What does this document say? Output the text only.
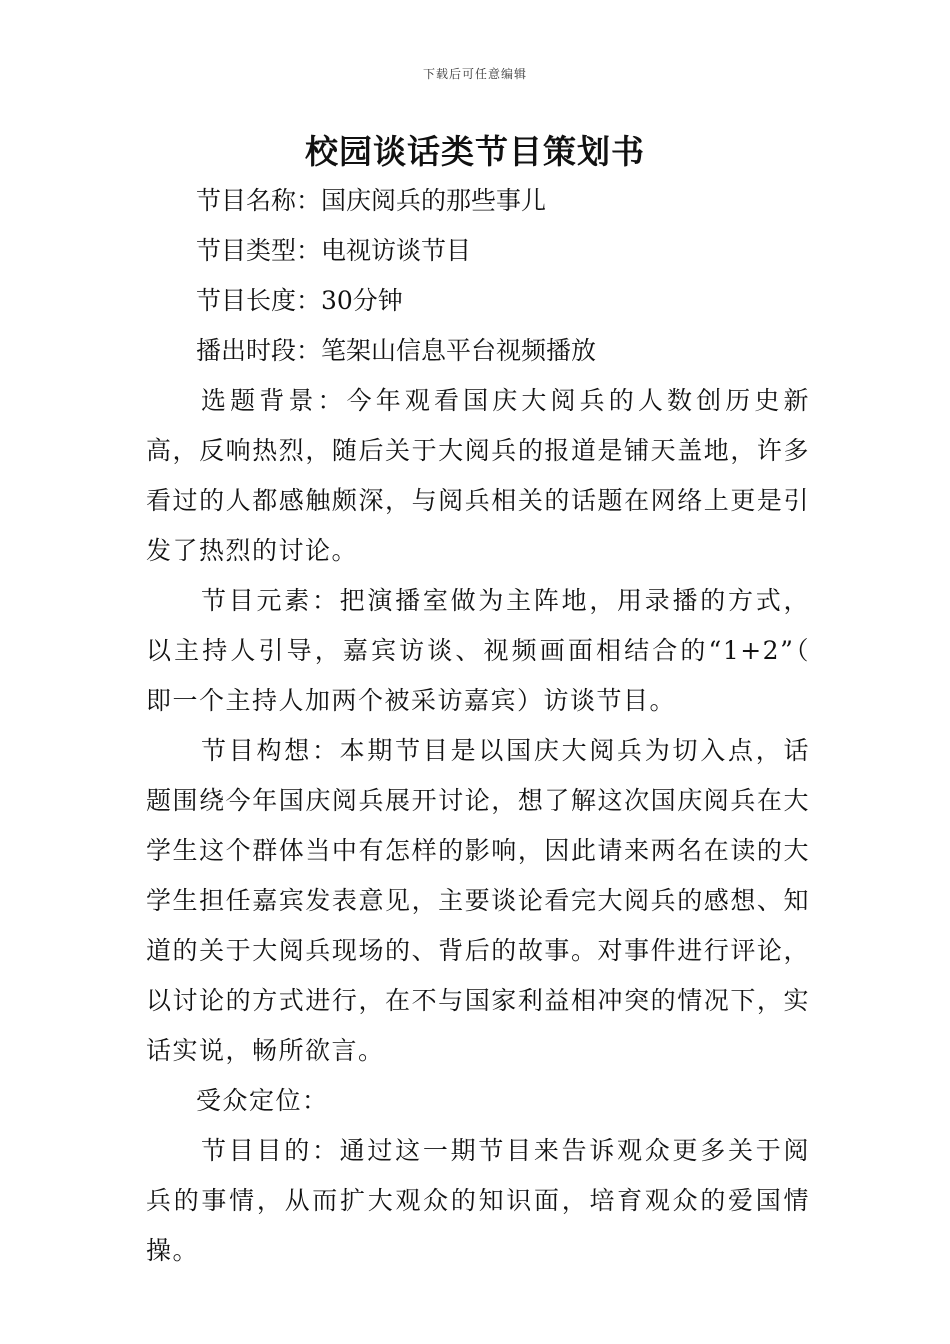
下载后可任意编辑
校园谈话类节目策划书

节目名称：国庆阅兵的那些事儿

节目类型：电视访谈节目

节目长度：30分钟

播出时段：笔架山信息平台视频播放

选题背景：今年观看国庆大阅兵的人数创历史新高，反响热烈，随后关于大阅兵的报道是铺天盖地，许多看过的人都感触颇深，与阅兵相关的话题在网络上更是引发了热烈的讨论。

节目元素：把演播室做为主阵地，用录播的方式，以主持人引导，嘉宾访谈、视频画面相结合的“1+2”（ 即一个主持人加两个被采访嘉宾）访谈节目。

节目构想：本期节目是以国庆大阅兵为切入点，话题围绕今年国庆阅兵展开讨论，想了解这次国庆阅兵在大学生这个群体当中有怎样的影响，因此请来两名在读的大学生担任嘉宾发表意见，主要谈论看完大阅兵的感想、知道的关于大阅兵现场的、背后的故事。对事件进行评论，以讨论的方式进行，在不与国家利益相冲突的情况下，实话实说，畅所欲言。

受众定位：

节目目的：通过这一期节目来告诉观众更多关于阅兵的事情，从而扩大观众的知识面，培育观众的爱国情操。
